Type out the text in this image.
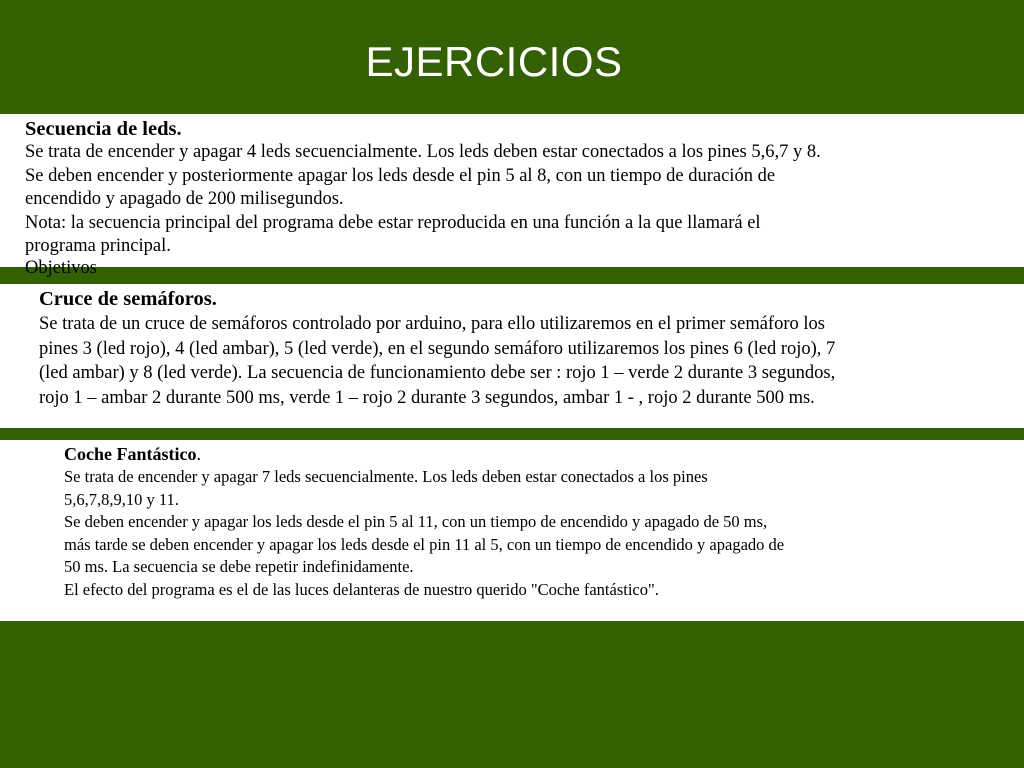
EJERCICIOS
Secuencia de leds.
Se trata de encender y apagar 4 leds secuencialmente. Los leds deben estar conectados a los pines 5,6,7 y 8.
Se deben encender y posteriormente apagar los leds desde el pin 5 al 8, con un tiempo de duración de
encendido y apagado de 200 milisegundos.
Nota: la secuencia principal del programa debe estar reproducida en una función a la que llamará el
programa principal.
Objetivos
Cruce de semáforos.
Se trata de un cruce de semáforos controlado por arduino, para ello utilizaremos en el primer semáforo los
pines 3 (led rojo), 4 (led ambar), 5 (led verde), en el segundo semáforo utilizaremos los pines 6 (led rojo), 7
(led ambar) y 8 (led verde). La secuencia de funcionamiento debe ser : rojo 1 – verde 2 durante 3 segundos,
rojo 1 – ambar 2 durante 500 ms, verde 1 – rojo 2 durante 3 segundos, ambar 1 - , rojo 2 durante 500 ms.
Coche Fantástico.
Se trata de encender y apagar 7 leds secuencialmente. Los leds deben estar conectados a los pines
5,6,7,8,9,10 y 11.
Se deben encender y apagar los leds desde el pin 5 al 11, con un tiempo de encendido y apagado de 50 ms,
más tarde se deben encender y apagar los leds desde el pin 11 al 5, con un tiempo de encendido y apagado de
50 ms. La secuencia se debe repetir indefinidamente.
El efecto del programa es el de las luces delanteras de nuestro querido "Coche fantástico".
